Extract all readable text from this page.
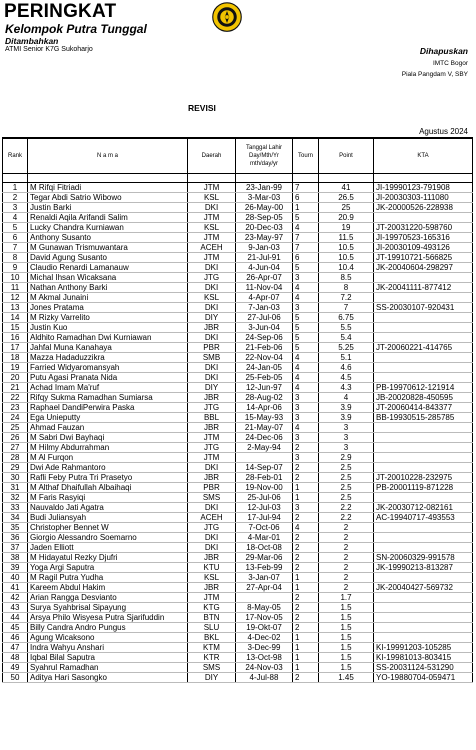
PERINGKAT
Kelompok Putra Tunggal
Ditambahkan
ATMI Senior K7G Sukoharjo	Dihapuskan
IMTC Bogor
Piala Pangdam V, SBY
REVISI
Agustus 2024
Rank	N a m a	Daerah	Tanggal Lahir Day/Mth/Yr mth/day/yr	Tourn	Point	KTA

1	M Rifqi Fitriadi	JTM	23-Jan-99	7	41	JI-19990123-791908
2	Tegar Abdi Satrio Wibowo	KSL	3-Mar-03	6	26.5	JI-20030303-111080
3	Justin Barki	DKI	26-May-00	1	25	JK-20000526-228938
4	Renaldi Aqila Arifandi Salim	JTM	28-Sep-05	5	20.9	
5	Lucky Chandra Kurniawan	KSL	20-Dec-03	4	19	JT-20031220-598760
6	Anthony Susanto	JTM	23-May-97	7	11.5	JI-19970523-165316
7	M Gunawan Trismuwantara	ACEH	9-Jan-03	7	10.5	JI-20030109-493126
8	David Agung Susanto	JTM	21-Jul-91	6	10.5	JT-19910721-566825
9	Claudio Renardi Lamanauw	DKI	4-Jun-04	5	10.4	JK-20040604-298297
10	Michal Ihsan Wicaksana	JTG	26-Apr-07	3	8.5	
11	Nathan Anthony Barki	DKI	11-Nov-04	4	8	JK-20041111-877412
12	M Akmal Junaini	KSL	4-Apr-07	4	7.2	
13	Jones Pratama	DKI	7-Jan-03	3	7	SS-20030107-920431
14	M Rizky Varrelito	DIY	27-Jul-06	5	6.75	
15	Justin Kuo	JBR	3-Jun-04	5	5.5	
16	Aldhito Ramadhan Dwi Kurniawan	DKI	24-Sep-06	5	5.4	
17	Jahfal Muna Kanahaya	PBR	21-Feb-06	5	5.25	JT-20060221-414765
18	Mazza Hadaduzzikra	SMB	22-Nov-04	4	5.1	
19	Farried Widyaromansyah	DKI	24-Jan-05	4	4.6	
20	Putu Agasi Pranata Nida	DKI	25-Feb-05	4	4.5	
21	Achad Imam Ma'ruf	DIY	12-Jun-97	4	4.3	PB-19970612-121914
22	Rifqy Sukma Ramadhan Sumiarsa	JBR	28-Aug-02	3	4	JB-20020828-450595
23	Raphael DandiPerwira Paska	JTG	14-Apr-06	3	3.9	JT-20060414-843377
24	Ega Unieputty	BBL	15-May-93	3	3.9	BB-19930515-285785
25	Ahmad Fauzan	JBR	21-May-07	4	3	
26	M Sabri Dwi Bayhaqi	JTM	24-Dec-06	3	3	
27	M Hilmy Abdurrahman	JTG	2-May-94	2	3	
28	M Al Furqon	JTM		3	2.9	
29	Dwi Ade Rahmantoro	DKI	14-Sep-07	2	2.5	
30	Rafli Feby Putra Tri Prasetyo	JBR	28-Feb-01	2	2.5	JT-20010228-232975
31	M Althaf Dhaifullah Albaihaqi	PBR	19-Nov-00	1	2.5	PB-20001119-871228
32	M Faris Rasyiqi	SMS	25-Jul-06	1	2.5	
33	Nauvaldo Jati Agatra	DKI	12-Jul-03	3	2.2	JK-20030712-082161
34	Budi Juliansyah	ACEH	17-Jul-94	2	2.2	AC-19940717-493553
35	Christopher Bennet W	JTG	7-Oct-06	4	2	
36	Giorgio Alessandro Soemarno	DKI	4-Mar-01	2	2	
37	Jaden Elliott	DKI	18-Oct-08	2	2	
38	M Hidayatul Rezky Djufri	JBR	29-Mar-06	2	2	SN-20060329-991578
39	Yoga Argi Saputra	KTU	13-Feb-99	2	2	JK-19990213-813287
40	M Ragil Putra Yudha	KSL	3-Jan-07	1	2	
41	Kareem Abdul Hakim	JBR	27-Apr-04	1	2	JK-20040427-569732
42	Arian Rangga Desvianto	JTM		2	1.7	
43	Surya Syahbrisal Sipayung	KTG	8-May-05	2	1.5	
44	Arsya Philo Wisyesa Putra Sjarifuddin	BTN	17-Nov-05	2	1.5	
45	Billy Candra Andro Pungus	SLU	19-Okt-07	2	1.5	
46	Agung Wicaksono	BKL	4-Dec-02	1	1.5	
47	Indra Wahyu Anshari	KTM	3-Dec-99	1	1.5	KI-19991203-105285
48	Iqbal Bilal Saputra	KTR	13-Oct-98	1	1.5	KI-19981013-803415
49	Syahrul Ramadhan	SMS	24-Nov-03	1	1.5	SS-20031124-531290
50	Aditya Hari Sasongko	DIY	4-Jul-88	2	1.45	YO-19880704-059471
